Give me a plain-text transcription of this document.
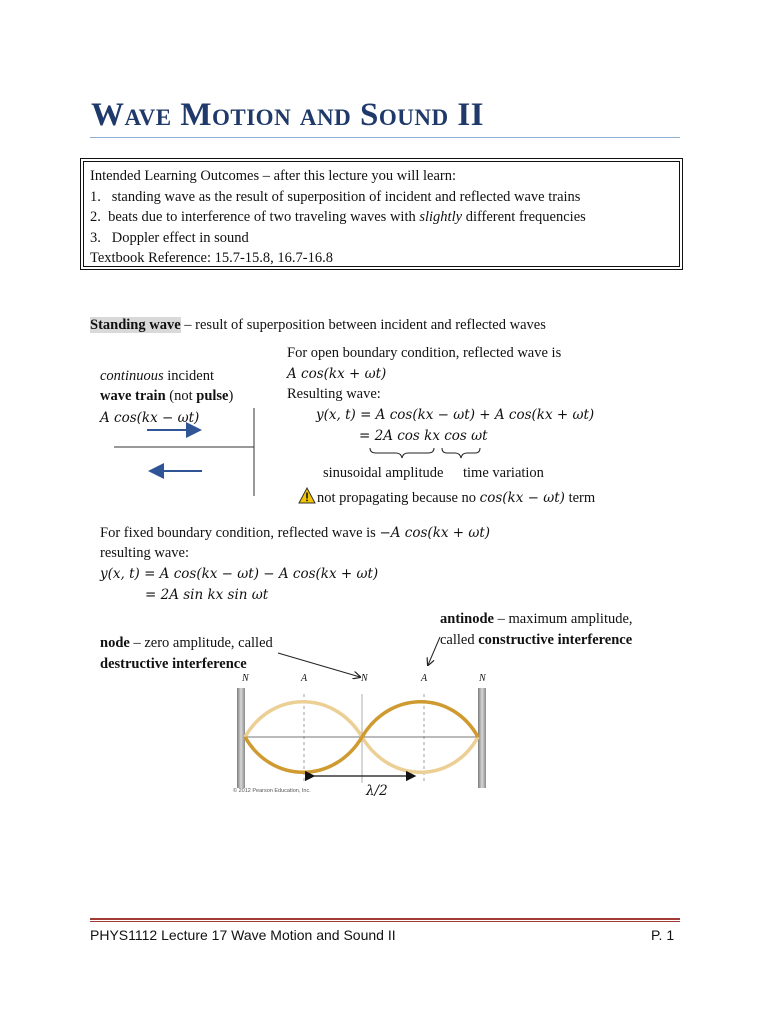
Wave Motion and Sound II
Intended Learning Outcomes – after this lecture you will learn:
1. standing wave as the result of superposition of incident and reflected wave trains
2. beats due to interference of two traveling waves with slightly different frequencies
3. Doppler effect in sound
Textbook Reference: 15.7-15.8, 16.7-16.8
Standing wave – result of superposition between incident and reflected waves
continuous incident
wave train (not pulse)
A cos(kx − ωt)
For open boundary condition, reflected wave is
A cos(kx + ωt)
Resulting wave:
y(x, t) = A cos(kx − ωt) + A cos(kx + ωt)
= 2A cos kx cos ωt
sinusoidal amplitude time variation
not propagating because no cos(kx − ωt) term
For fixed boundary condition, reflected wave is −A cos(kx + ωt)
resulting wave:
y(x, t) = A cos(kx − ωt) − A cos(kx + ωt)
= 2A sin kx sin ωt
antinode – maximum amplitude,
called constructive interference
node – zero amplitude, called
destructive interference
N	A	N	A	N
© 2012 Pearson Education, Inc.	λ/2
PHYS1112 Lecture 17 Wave Motion and Sound II	P. 1
